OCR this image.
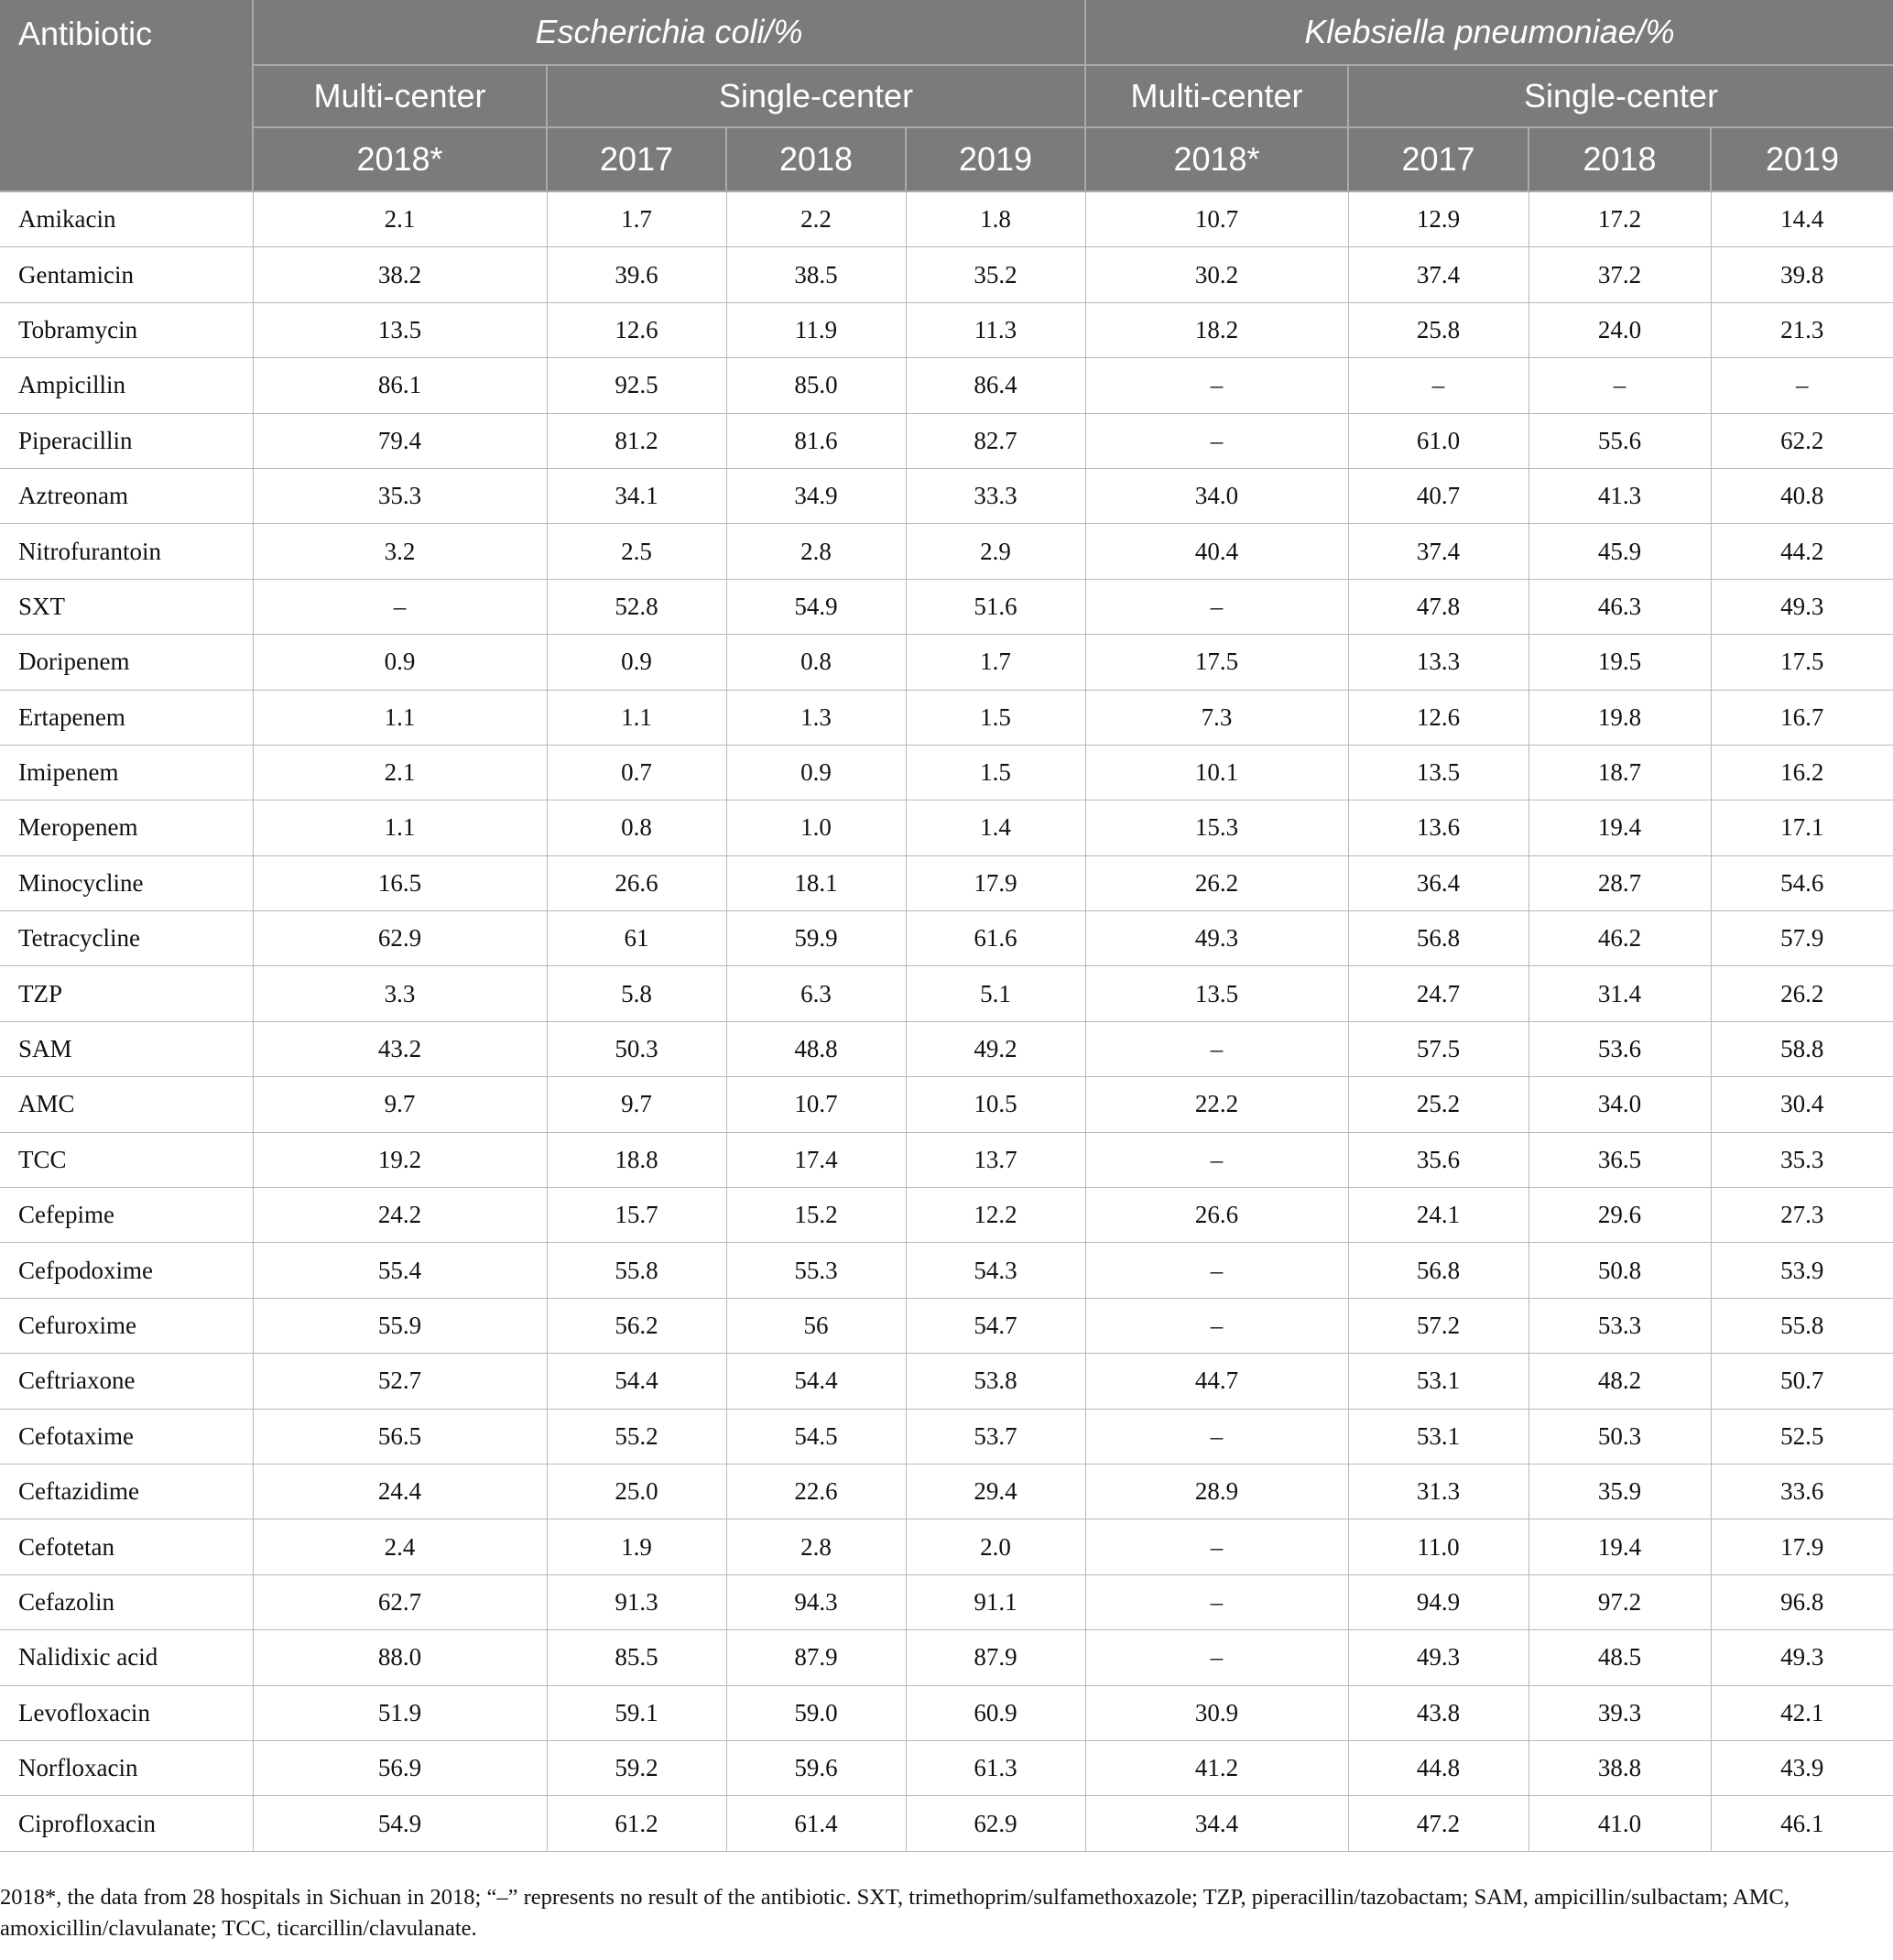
Antibiotic	Escherichia coli/%				Klebsiella pneumoniae/%			
	Multi-center	Single-center			Multi-center	Single-center		
	2018*	2017	2018	2019	2018*	2017	2018	2019
Amikacin	2.1	1.7	2.2	1.8	10.7	12.9	17.2	14.4
Gentamicin	38.2	39.6	38.5	35.2	30.2	37.4	37.2	39.8
Tobramycin	13.5	12.6	11.9	11.3	18.2	25.8	24.0	21.3
Ampicillin	86.1	92.5	85.0	86.4	–	–	–	–
Piperacillin	79.4	81.2	81.6	82.7	–	61.0	55.6	62.2
Aztreonam	35.3	34.1	34.9	33.3	34.0	40.7	41.3	40.8
Nitrofurantoin	3.2	2.5	2.8	2.9	40.4	37.4	45.9	44.2
SXT	–	52.8	54.9	51.6	–	47.8	46.3	49.3
Doripenem	0.9	0.9	0.8	1.7	17.5	13.3	19.5	17.5
Ertapenem	1.1	1.1	1.3	1.5	7.3	12.6	19.8	16.7
Imipenem	2.1	0.7	0.9	1.5	10.1	13.5	18.7	16.2
Meropenem	1.1	0.8	1.0	1.4	15.3	13.6	19.4	17.1
Minocycline	16.5	26.6	18.1	17.9	26.2	36.4	28.7	54.6
Tetracycline	62.9	61	59.9	61.6	49.3	56.8	46.2	57.9
TZP	3.3	5.8	6.3	5.1	13.5	24.7	31.4	26.2
SAM	43.2	50.3	48.8	49.2	–	57.5	53.6	58.8
AMC	9.7	9.7	10.7	10.5	22.2	25.2	34.0	30.4
TCC	19.2	18.8	17.4	13.7	–	35.6	36.5	35.3
Cefepime	24.2	15.7	15.2	12.2	26.6	24.1	29.6	27.3
Cefpodoxime	55.4	55.8	55.3	54.3	–	56.8	50.8	53.9
Cefuroxime	55.9	56.2	56	54.7	–	57.2	53.3	55.8
Ceftriaxone	52.7	54.4	54.4	53.8	44.7	53.1	48.2	50.7
Cefotaxime	56.5	55.2	54.5	53.7	–	53.1	50.3	52.5
Ceftazidime	24.4	25.0	22.6	29.4	28.9	31.3	35.9	33.6
Cefotetan	2.4	1.9	2.8	2.0	–	11.0	19.4	17.9
Cefazolin	62.7	91.3	94.3	91.1	–	94.9	97.2	96.8
Nalidixic acid	88.0	85.5	87.9	87.9	–	49.3	48.5	49.3
Levofloxacin	51.9	59.1	59.0	60.9	30.9	43.8	39.3	42.1
Norfloxacin	56.9	59.2	59.6	61.3	41.2	44.8	38.8	43.9
Ciprofloxacin	54.9	61.2	61.4	62.9	34.4	47.2	41.0	46.1
2018*, the data from 28 hospitals in Sichuan in 2018; “–” represents no result of the antibiotic. SXT, trimethoprim/sulfamethoxazole; TZP, piperacillin/tazobactam; SAM, ampicillin/sulbactam; AMC, amoxicillin/clavulanate; TCC, ticarcillin/clavulanate.
